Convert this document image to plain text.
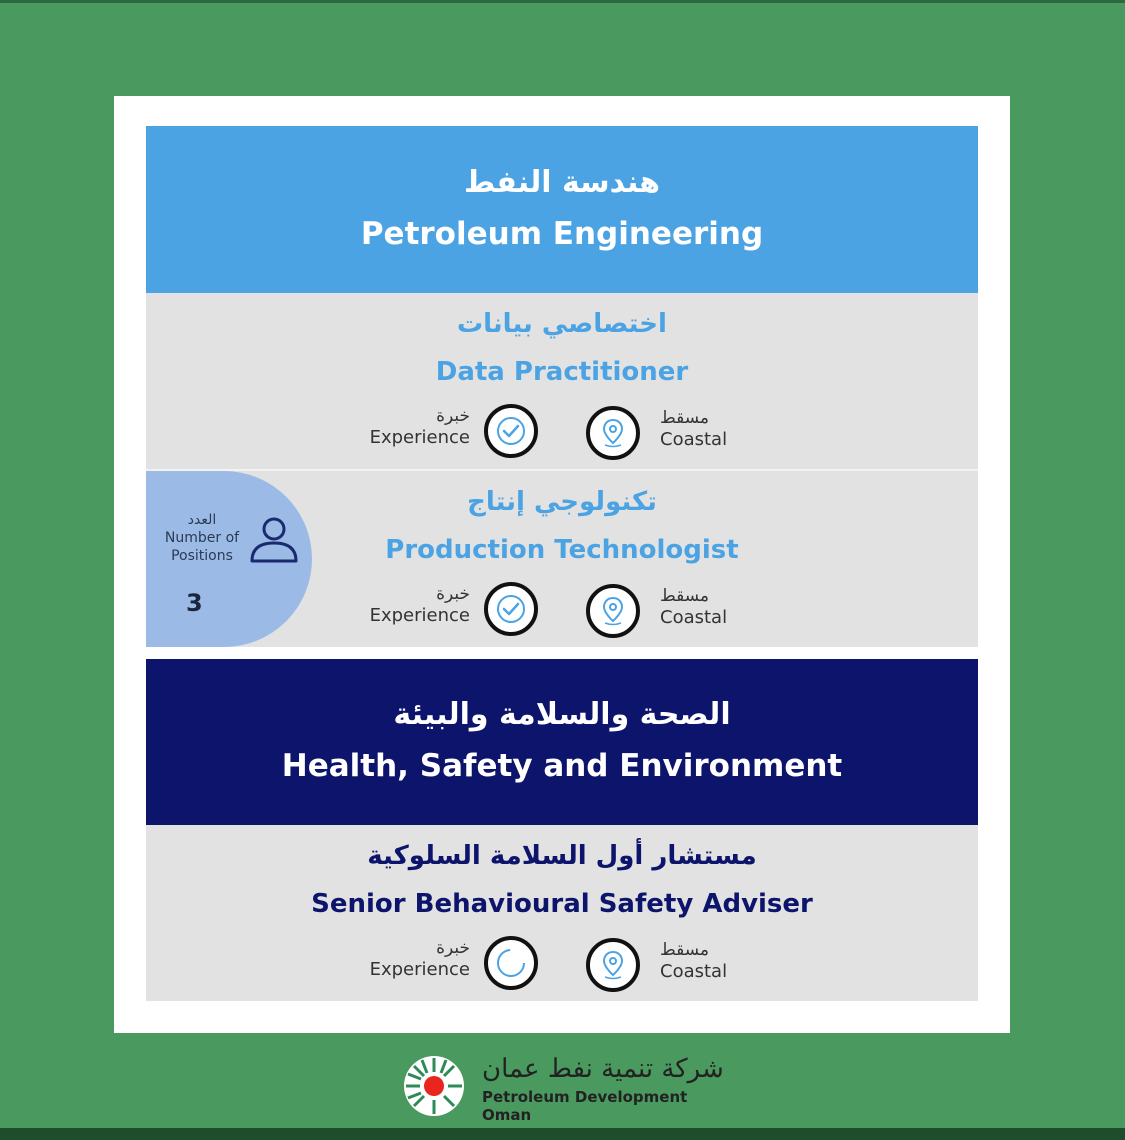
هندسة النفط
Petroleum Engineering
اختصاصي بيانات
Data Practitioner
خبرة
Experience
مسقط
Coastal
العدد
Number of
Positions
3
تكنولوجي إنتاج
Production Technologist
خبرة
Experience
مسقط
Coastal
الصحة والسلامة والبيئة
Health, Safety and Environment
مستشار أول السلامة السلوكية
Senior Behavioural Safety Adviser
خبرة
Experience
مسقط
Coastal
شركة تنمية نفط عمان
Petroleum Development Oman
